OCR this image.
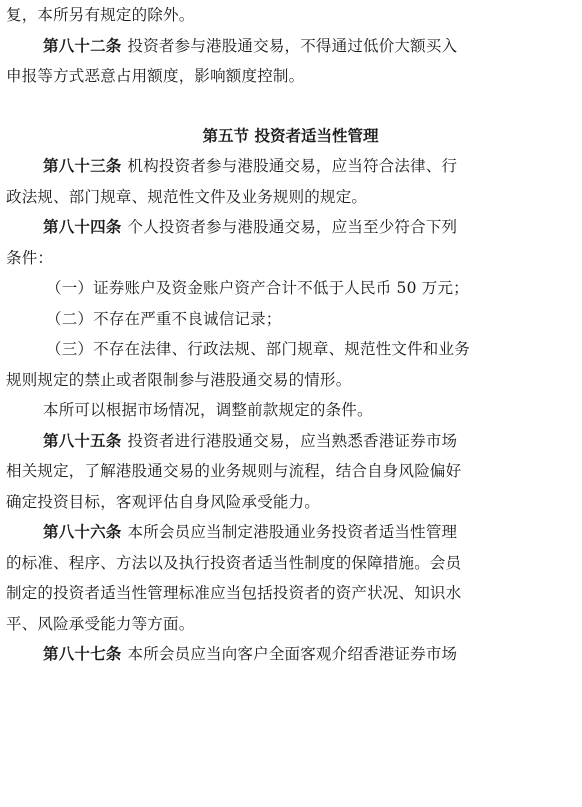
复，本所另有规定的除外。
第八十二条 投资者参与港股通交易，不得通过低价大额买入
申报等方式恶意占用额度，影响额度控制。
第五节 投资者适当性管理
第八十三条 机构投资者参与港股通交易，应当符合法律、行
政法规、部门规章、规范性文件及业务规则的规定。
第八十四条 个人投资者参与港股通交易，应当至少符合下列
条件：
（一）证券账户及资金账户资产合计不低于人民币 50 万元；
（二）不存在严重不良诚信记录；
（三）不存在法律、行政法规、部门规章、规范性文件和业务
规则规定的禁止或者限制参与港股通交易的情形。
本所可以根据市场情况，调整前款规定的条件。
第八十五条 投资者进行港股通交易，应当熟悉香港证券市场
相关规定，了解港股通交易的业务规则与流程，结合自身风险偏好
确定投资目标，客观评估自身风险承受能力。
第八十六条 本所会员应当制定港股通业务投资者适当性管理
的标准、程序、方法以及执行投资者适当性制度的保障措施。会员
制定的投资者适当性管理标准应当包括投资者的资产状况、知识水
平、风险承受能力等方面。
第八十七条 本所会员应当向客户全面客观介绍香港证券市场
